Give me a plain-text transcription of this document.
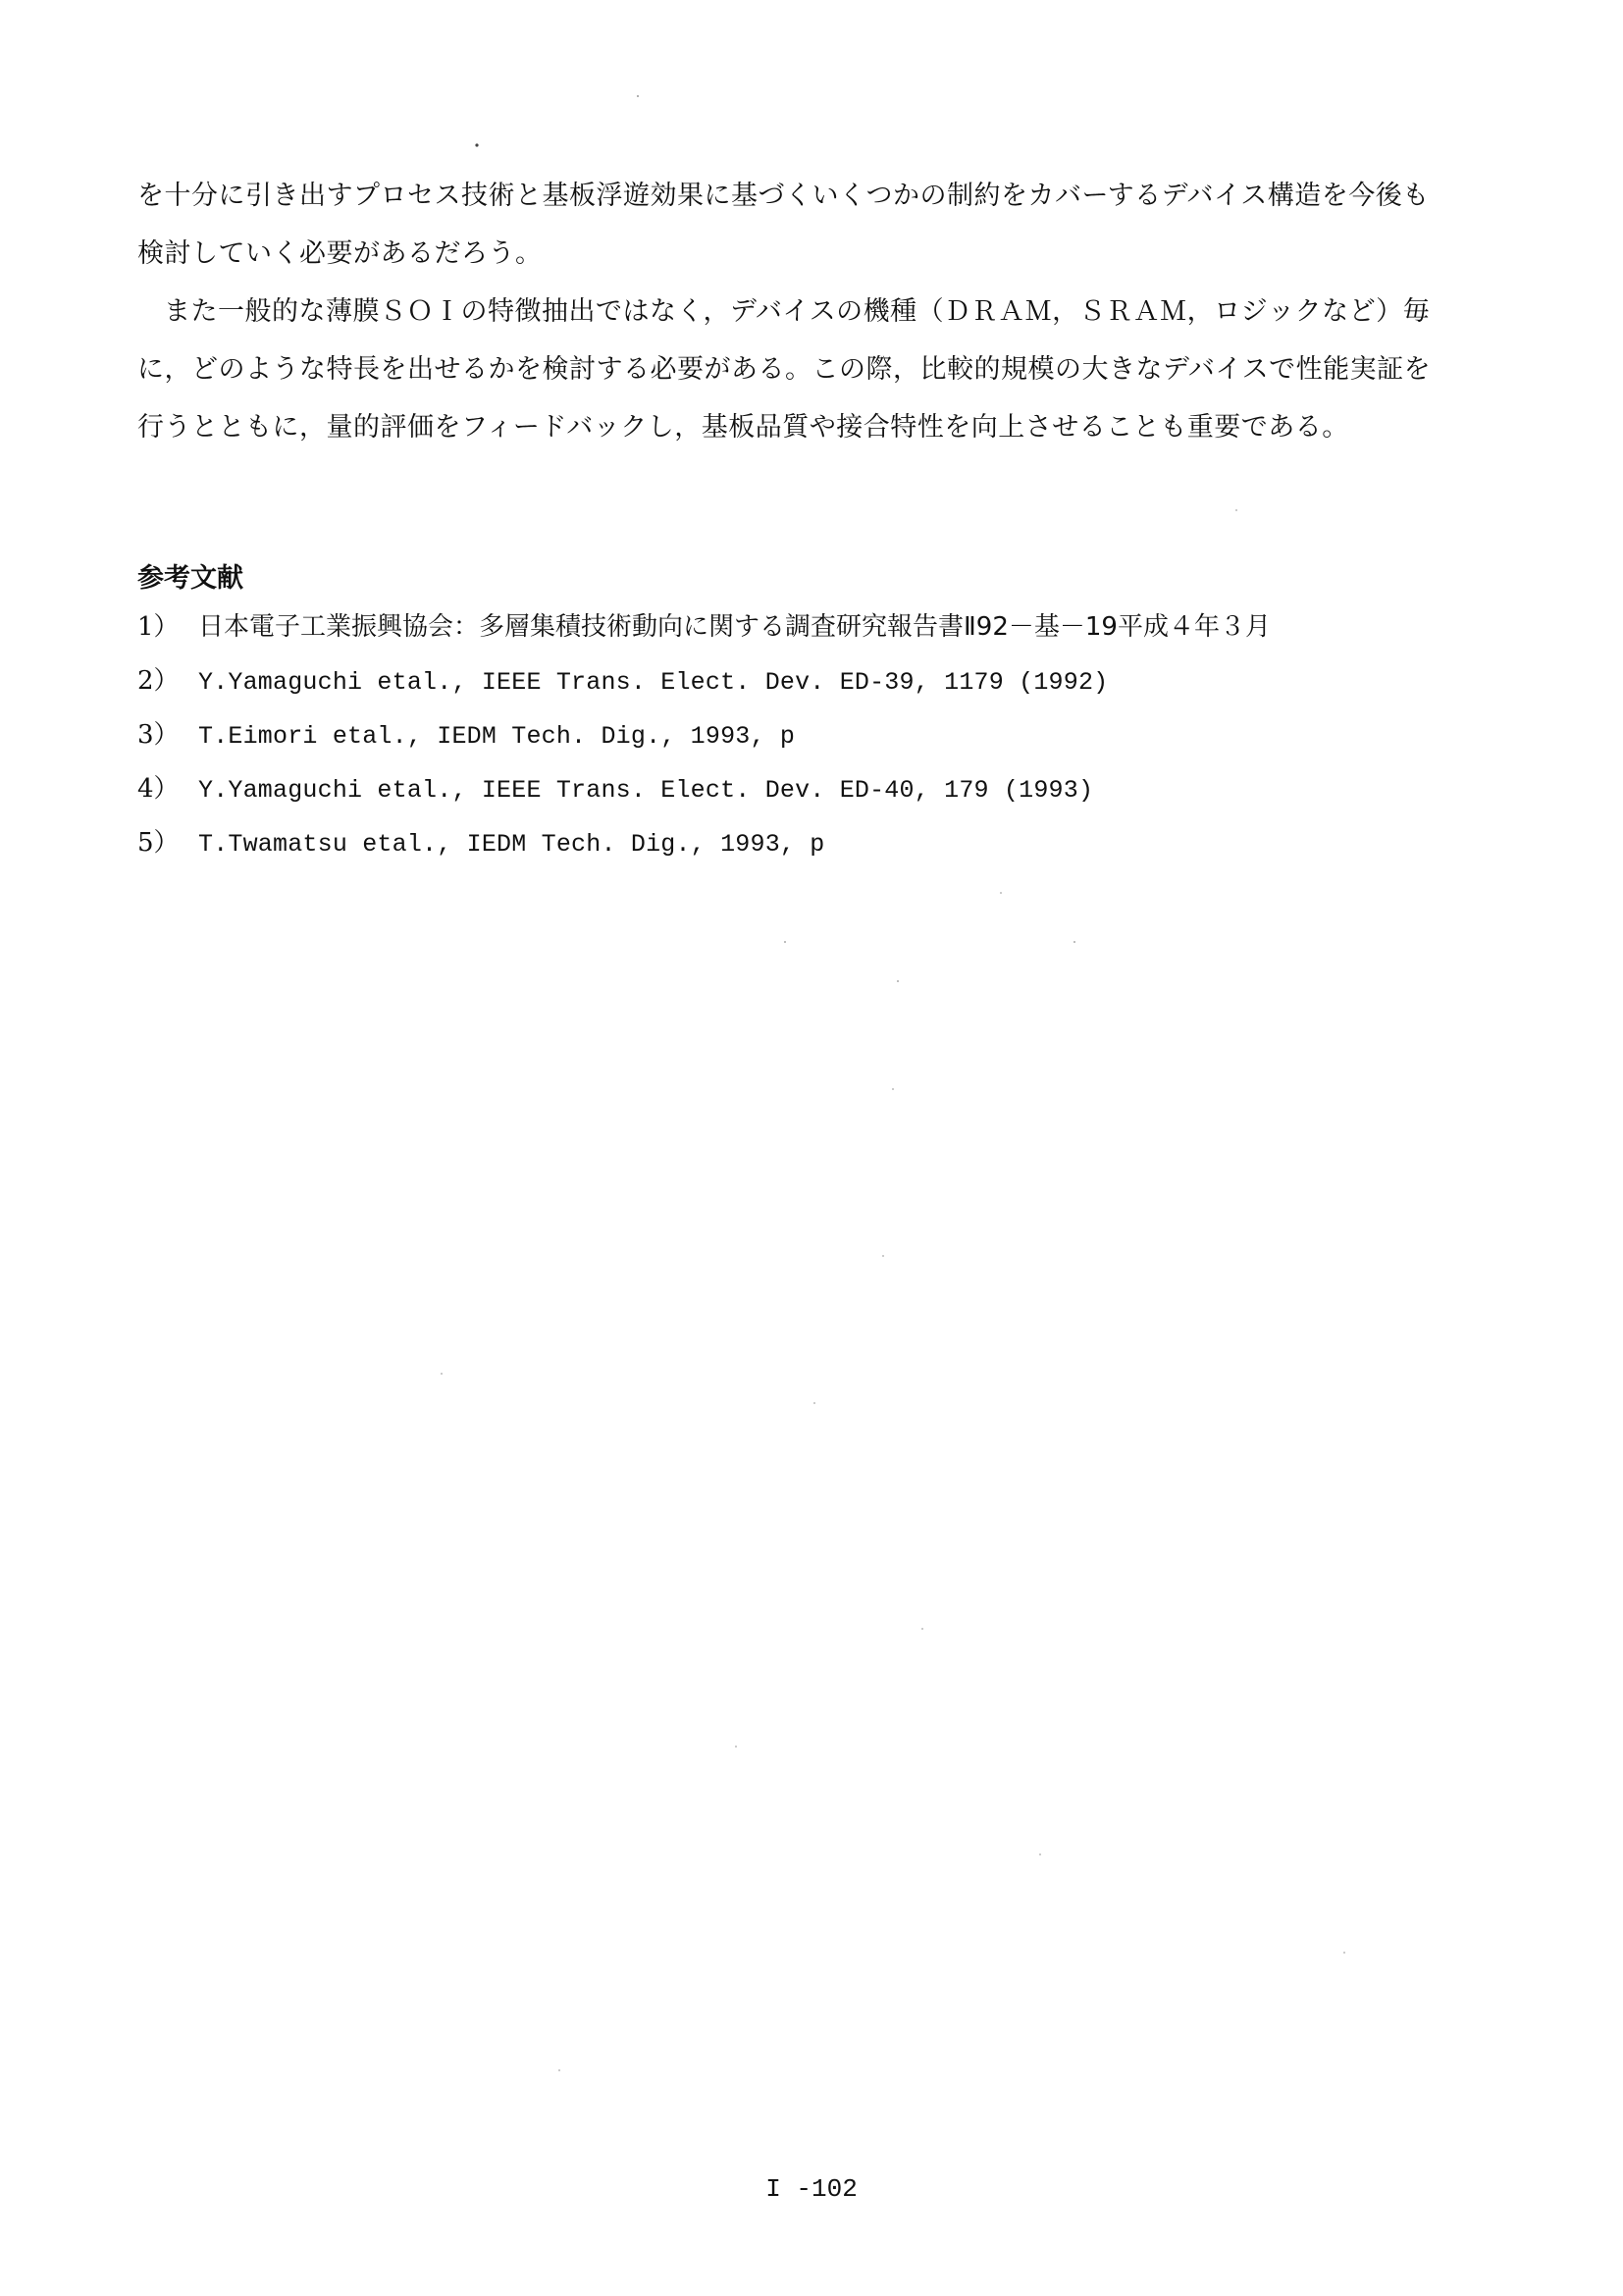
を十分に引き出すプロセス技術と基板浮遊効果に基づくいくつかの制約をカバーするデバイス構造を今後も検討していく必要があるだろう。

また一般的な薄膜ＳＯＩの特徴抽出ではなく，デバイスの機種（ＤＲＡＭ，ＳＲＡＭ，ロジックなど）毎に，どのような特長を出せるかを検討する必要がある。この際，比較的規模の大きなデバイスで性能実証を行うとともに，量的評価をフィードバックし，基板品質や接合特性を向上させることも重要である。

参考文献
1） 日本電子工業振興協会：多層集積技術動向に関する調査研究報告書Ⅱ92－基－19平成４年３月
2） Y.Yamaguchi etal., IEEE Trans. Elect. Dev. ED-39, 1179 (1992)
3） T.Eimori etal., IEDM Tech. Dig., 1993, p
4） Y.Yamaguchi etal., IEEE Trans. Elect. Dev. ED-40, 179 (1993)
5） T.Twamatsu etal., IEDM Tech. Dig., 1993, p

I -102
